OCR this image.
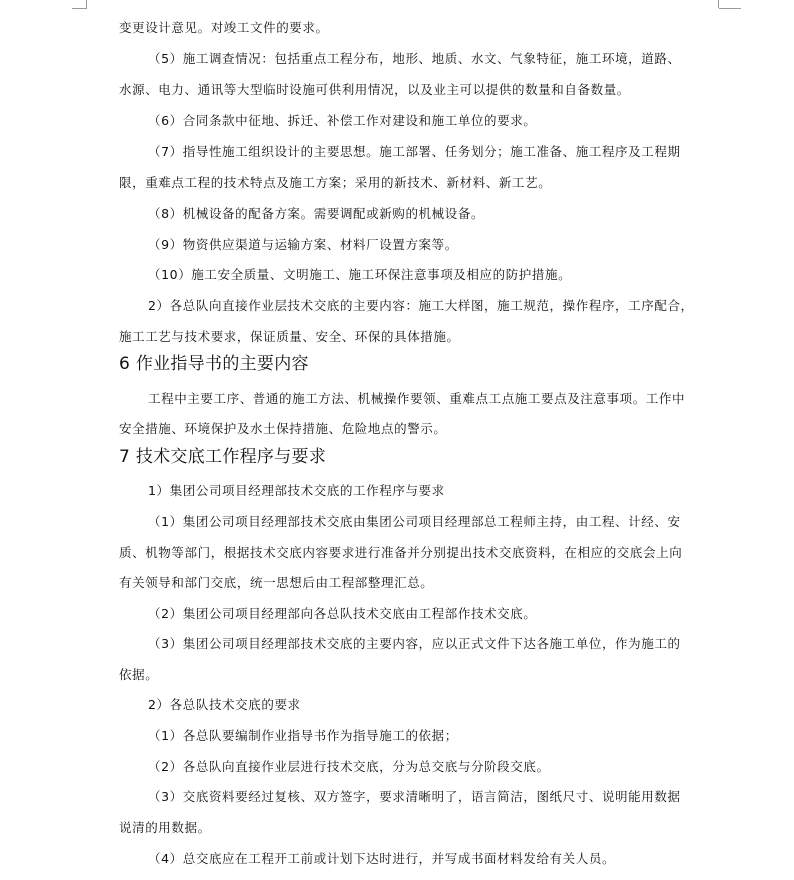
变更设计意见。对竣工文件的要求。
（5）施工调查情况：包括重点工程分布，地形、地质、水文、气象特征，施工环境，道路、
水源、电力、通讯等大型临时设施可供利用情况，以及业主可以提供的数量和自备数量。
（6）合同条款中征地、拆迁、补偿工作对建设和施工单位的要求。
（7）指导性施工组织设计的主要思想。施工部署、任务划分；施工准备、施工程序及工程期
限，重难点工程的技术特点及施工方案；采用的新技术、新材料、新工艺。
（8）机械设备的配备方案。需要调配或新购的机械设备。
（9）物资供应渠道与运输方案、材料厂设置方案等。
（10）施工安全质量、文明施工、施工环保注意事项及相应的防护措施。
2）各总队向直接作业层技术交底的主要内容：施工大样图，施工规范，操作程序，工序配合，
施工工艺与技术要求，保证质量、安全、环保的具体措施。
6 作业指导书的主要内容
工程中主要工序、普通的施工方法、机械操作要领、重难点工点施工要点及注意事项。工作中
安全措施、环境保护及水土保持措施、危险地点的警示。
7 技术交底工作程序与要求
1）集团公司项目经理部技术交底的工作程序与要求
（1）集团公司项目经理部技术交底由集团公司项目经理部总工程师主持，由工程、计经、安
质、机物等部门，根据技术交底内容要求进行准备并分别提出技术交底资料，在相应的交底会上向
有关领导和部门交底，统一思想后由工程部整理汇总。
（2）集团公司项目经理部向各总队技术交底由工程部作技术交底。
（3）集团公司项目经理部技术交底的主要内容，应以正式文件下达各施工单位，作为施工的
依据。
2）各总队技术交底的要求
（1）各总队要编制作业指导书作为指导施工的依据；
（2）各总队向直接作业层进行技术交底，分为总交底与分阶段交底。
（3）交底资料要经过复核、双方签字，要求清晰明了，语言简洁，图纸尺寸、说明能用数据
说清的用数据。
（4）总交底应在工程开工前或计划下达时进行，并写成书面材料发给有关人员。
